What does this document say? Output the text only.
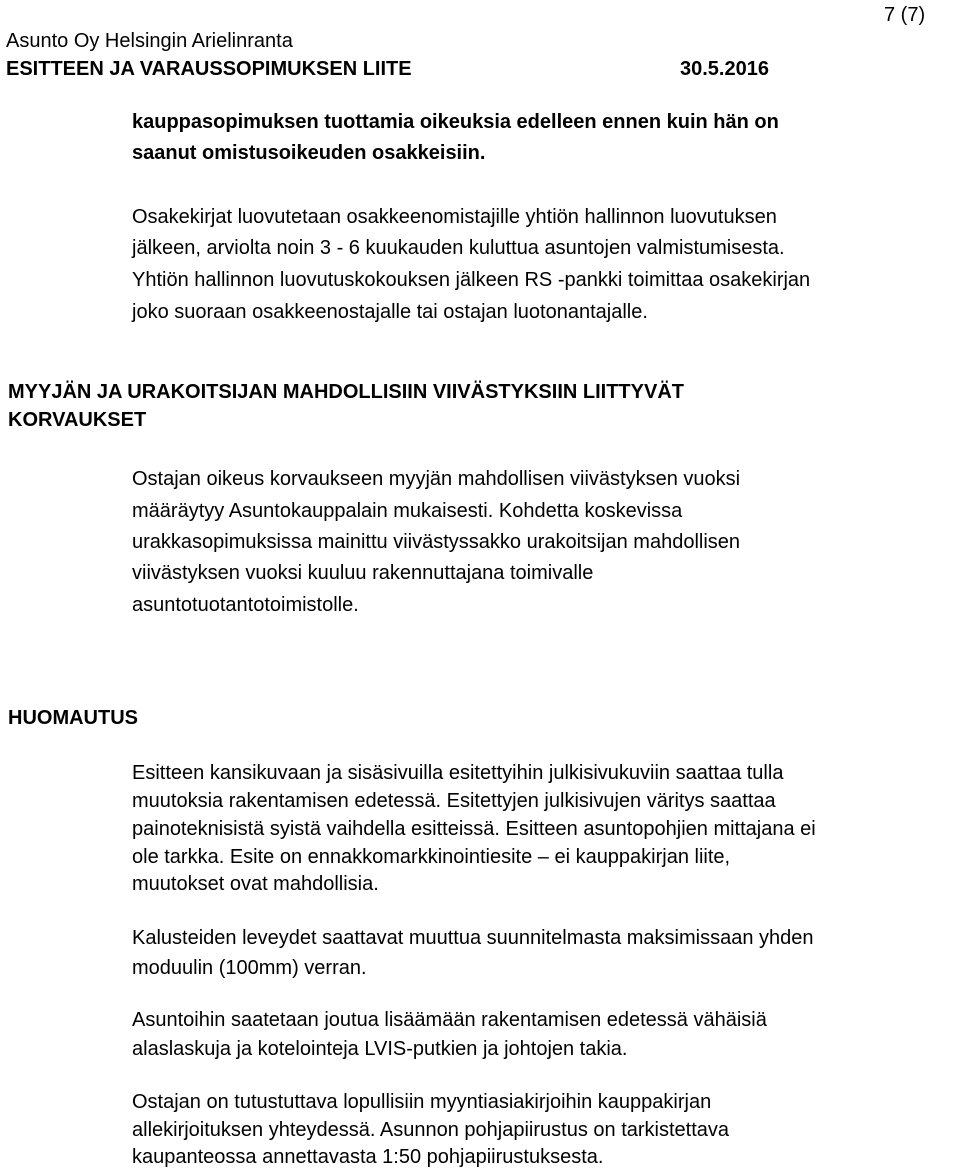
Asunto Oy Helsingin Arielinranta
ESITTEEN JA VARAUSSOPIMUKSEN LIITE	30.5.2016
7 (7)
kauppasopimuksen tuottamia oikeuksia edelleen ennen kuin hän on
saanut omistusoikeuden osakkeisiin.
Osakekirjat luovutetaan osakkeenomistajille yhtiön hallinnon luovutuksen
jälkeen, arviolta noin 3 - 6 kuukauden kuluttua asuntojen valmistumisesta.
Yhtiön hallinnon luovutuskokouksen jälkeen RS -pankki toimittaa osakekirjan
joko suoraan osakkeenostajalle tai ostajan luotonantajalle.
MYYJÄN JA URAKOITSIJAN MAHDOLLISIIN VIIVÄSTYKSIIN LIITTYVÄT
KORVAUKSET
Ostajan oikeus korvaukseen myyjän mahdollisen viivästyksen vuoksi
määräytyy Asuntokauppalain mukaisesti. Kohdetta koskevissa
urakkasopimuksissa mainittu viivästyssakko urakoitsijan mahdollisen
viivästyksen vuoksi kuuluu rakennuttajana toimivalle
asuntotuotantotoimistolle.
HUOMAUTUS
Esitteen kansikuvaan ja sisäsivuilla esitettyihin julkisivukuviin saattaa tulla
muutoksia rakentamisen edetessä. Esitettyjen julkisivujen väritys saattaa
painoteknisistä syistä vaihdella esitteissä. Esitteen asuntopohjien mittajana ei
ole tarkka. Esite on ennakkomarkkinointiesite – ei kauppakirjan liite,
muutokset ovat mahdollisia.
Kalusteiden leveydet saattavat muuttua suunnitelmasta maksimissaan yhden
moduulin (100mm) verran.
Asuntoihin saatetaan joutua lisäämään rakentamisen edetessä vähäisiä
alaslaskuja ja kotelointeja LVIS-putkien ja johtojen takia.
Ostajan on tutustuttava lopullisiin myyntiasiakirjoihin kauppakirjan
allekirjoituksen yhteydessä. Asunnon pohjapiirustus on tarkistettava
kaupanteossa annettavasta 1:50 pohjapiirustuksesta.
